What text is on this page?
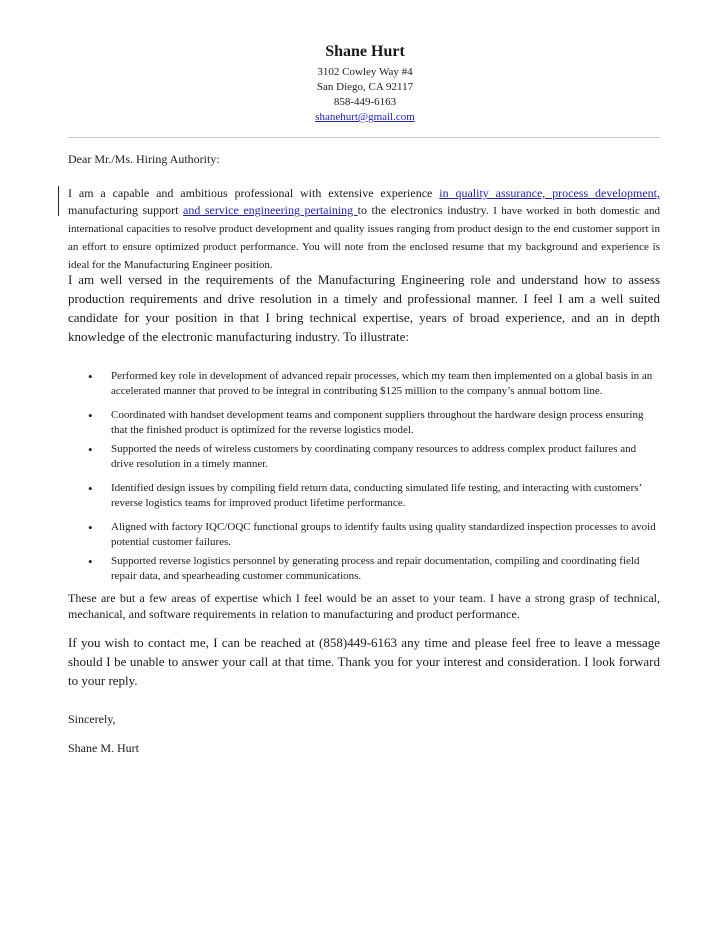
Shane Hurt
3102 Cowley Way #4
San Diego, CA 92117
858-449-6163
shanehurt@gmail.com

Dear Mr./Ms. Hiring Authority:

I am a capable and ambitious professional with extensive experience in quality assurance, process development, manufacturing support and service engineering pertaining to the electronics industry. I have worked in both domestic and international capacities to resolve product development and quality issues ranging from product design to the end customer support in an effort to ensure optimized product performance. You will note from the enclosed resume that my background and experience is ideal for the Manufacturing Engineer position.

I am well versed in the requirements of the Manufacturing Engineering role and understand how to assess production requirements and drive resolution in a timely and professional manner. I feel I am a well suited candidate for your position in that I bring technical expertise, years of broad experience, and an in depth knowledge of the electronic manufacturing industry. To illustrate:

• Performed key role in development of advanced repair processes, which my team then implemented on a global basis in an accelerated manner that proved to be integral in contributing $125 million to the company’s annual bottom line.
• Coordinated with handset development teams and component suppliers throughout the hardware design process ensuring that the finished product is optimized for the reverse logistics model.
• Supported the needs of wireless customers by coordinating company resources to address complex product failures and drive resolution in a timely manner.
• Identified design issues by compiling field return data, conducting simulated life testing, and interacting with customers’ reverse logistics teams for improved product lifetime performance.
• Aligned with factory IQC/OQC functional groups to identify faults using quality standardized inspection processes to avoid potential customer failures.
• Supported reverse logistics personnel by generating process and repair documentation, compiling and coordinating field repair data, and spearheading customer communications.

These are but a few areas of expertise which I feel would be an asset to your team. I have a strong grasp of technical, mechanical, and software requirements in relation to manufacturing and product performance.

If you wish to contact me, I can be reached at (858)449-6163 any time and please feel free to leave a message should I be unable to answer your call at that time. Thank you for your interest and consideration. I look forward to your reply.

Sincerely,

Shane M. Hurt
